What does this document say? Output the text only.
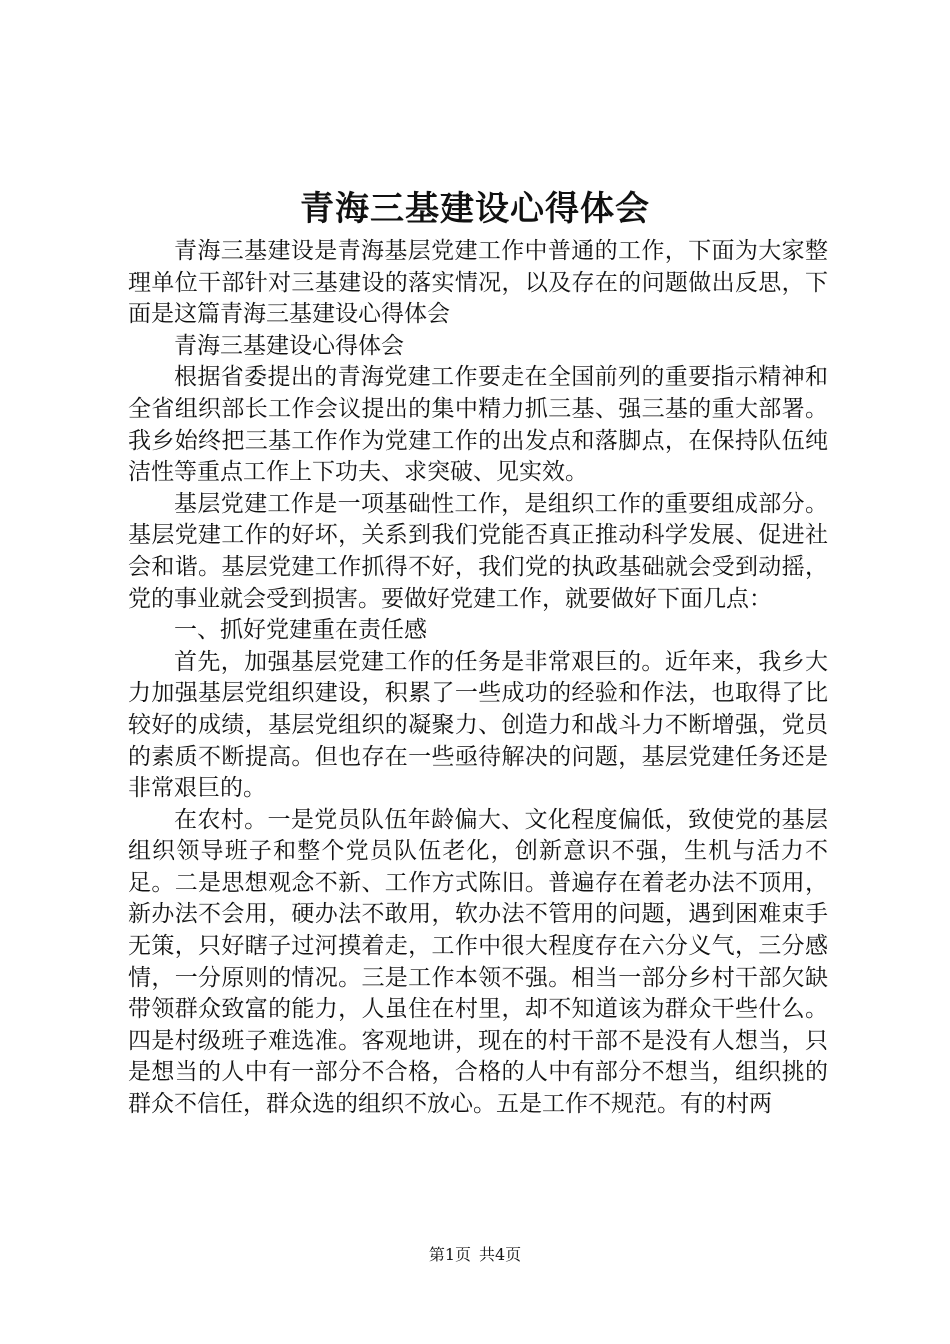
青海三基建设心得体会

青海三基建设是青海基层党建工作中普通的工作，下面为大家整理单位干部针对三基建设的落实情况，以及存在的问题做出反思，下面是这篇青海三基建设心得体会

青海三基建设心得体会

根据省委提出的青海党建工作要走在全国前列的重要指示精神和全省组织部长工作会议提出的集中精力抓三基、强三基的重大部署。我乡始终把三基工作作为党建工作的出发点和落脚点，在保持队伍纯洁性等重点工作上下功夫、求突破、见实效。

基层党建工作是一项基础性工作，是组织工作的重要组成部分。基层党建工作的好坏，关系到我们党能否真正推动科学发展、促进社会和谐。基层党建工作抓得不好，我们党的执政基础就会受到动摇，党的事业就会受到损害。要做好党建工作，就要做好下面几点：

一、抓好党建重在责任感

首先，加强基层党建工作的任务是非常艰巨的。近年来，我乡大力加强基层党组织建设，积累了一些成功的经验和作法，也取得了比较好的成绩，基层党组织的凝聚力、创造力和战斗力不断增强，党员的素质不断提高。但也存在一些亟待解决的问题，基层党建任务还是非常艰巨的。

在农村。一是党员队伍年龄偏大、文化程度偏低，致使党的基层组织领导班子和整个党员队伍老化，创新意识不强，生机与活力不足。二是思想观念不新、工作方式陈旧。普遍存在着老办法不顶用，新办法不会用，硬办法不敢用，软办法不管用的问题，遇到困难束手无策，只好瞎子过河摸着走，工作中很大程度存在六分义气，三分感情，一分原则的情况。三是工作本领不强。相当一部分乡村干部欠缺带领群众致富的能力，人虽住在村里，却不知道该为群众干些什么。四是村级班子难选准。客观地讲，现在的村干部不是没有人想当，只是想当的人中有一部分不合格，合格的人中有部分不想当，组织挑的群众不信任，群众选的组织不放心。五是工作不规范。有的村两

第1页 共4页
